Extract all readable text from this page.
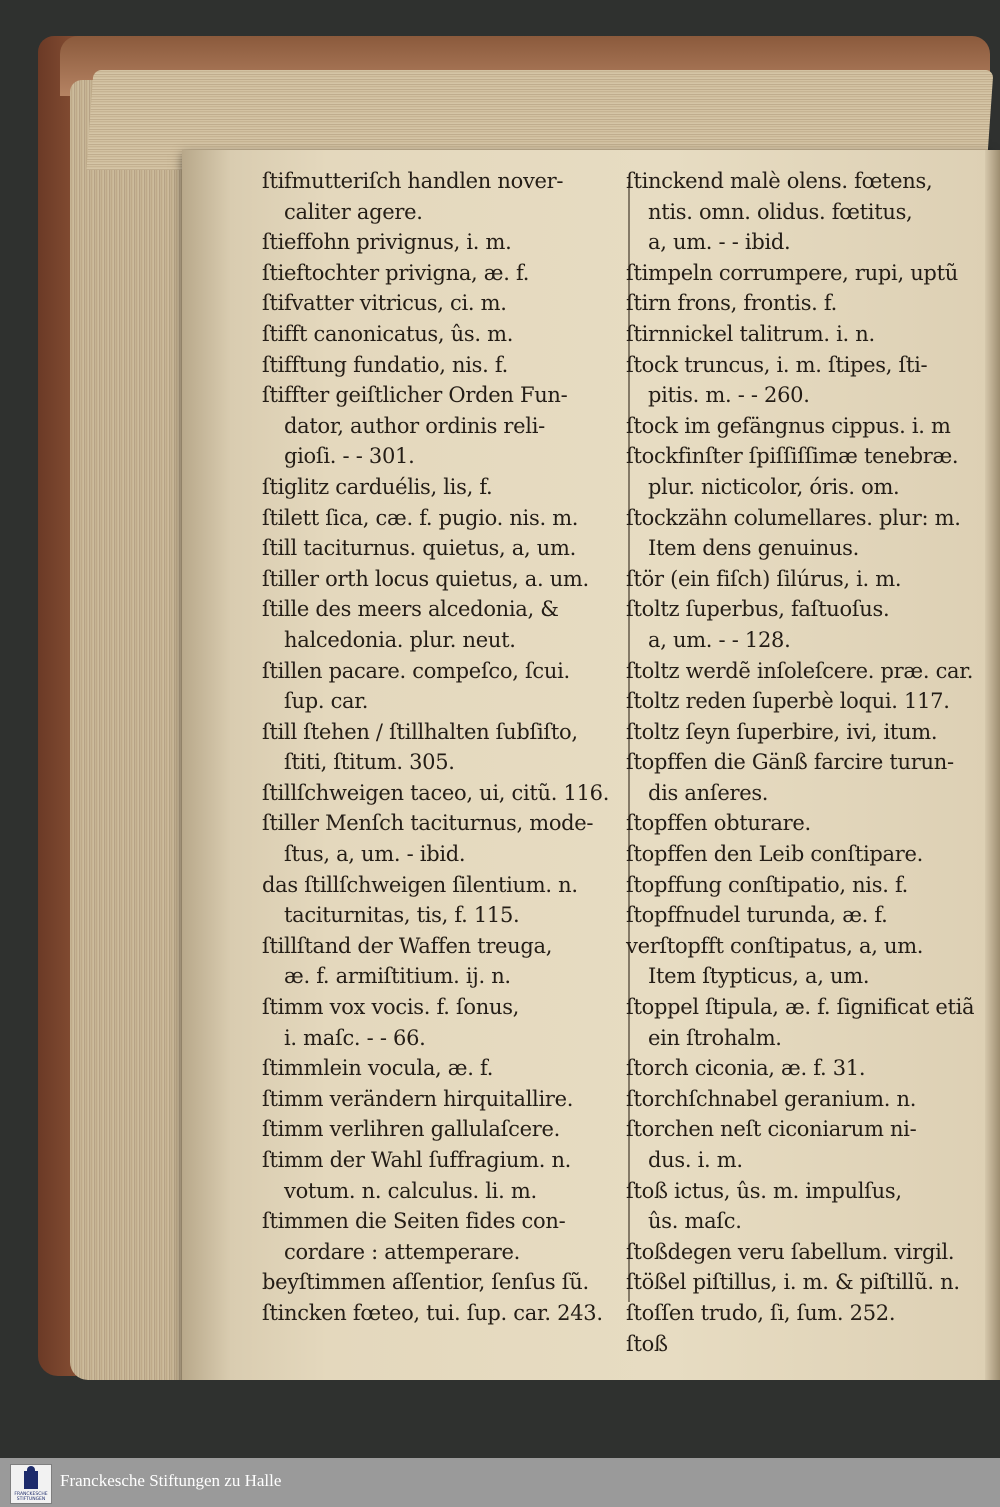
ſtifmutteriſch handlen nover-
caliter agere.
ſtieffohn privignus, i. m.
ſtieftochter privigna, æ. f.
ſtifvatter vitricus, ci. m.
ſtifft canonicatus, ûs. m.
ſtifftung fundatio, nis. f.
ſtiffter geiſtlicher Orden Fun-
dator, author ordinis reli-
gioſi. - - 301.
ſtiglitz carduélis, lis, f.
ſtilett ſica, cæ. f. pugio. nis. m.
ſtill taciturnus. quietus, a, um.
ſtiller orth locus quietus, a. um.
ſtille des meers alcedonia, &
halcedonia. plur. neut.
ſtillen pacare. compeſco, ſcui.
ſup. car.
ſtill ſtehen / ſtillhalten ſubſiſto,
ſtiti, ſtitum. 305.
ſtillſchweigen taceo, ui, citũ. 116.
ſtiller Menſch taciturnus, mode-
ſtus, a, um. - ibid.
das ſtillſchweigen ſilentium. n.
taciturnitas, tis, f. 115.
ſtillſtand der Waffen treuga,
æ. f. armiſtitium. ij. n.
ſtimm vox vocis. f. ſonus,
i. maſc. - - 66.
ſtimmlein vocula, æ. f.
ſtimm verändern hirquitallire.
ſtimm verlihren gallulaſcere.
ſtimm der Wahl ſuffragium. n.
votum. n. calculus. li. m.
ſtimmen die Seiten fides con-
cordare : attemperare.
beyſtimmen aſſentior, ſenſus ſũ.
ſtincken fœteo, tui. ſup. car. 243.
ſtinckend malè olens. fœtens,
ntis. omn. olidus. fœtitus,
a, um. - - ibid.
ſtimpeln corrumpere, rupi, uptũ
ſtirn frons, frontis. f.
ſtirnnickel talitrum. i. n.
ſtock truncus, i. m. ſtipes, ſti-
pitis. m. - - 260.
ſtock im gefängnus cippus. i. m
ſtockfinſter ſpiſſiſſimæ tenebræ.
plur. nicticolor, óris. om.
ſtockzähn columellares. plur: m.
Item dens genuinus.
ſtör (ein fiſch) ſilúrus, i. m.
ſtoltz ſuperbus, faſtuoſus.
a, um. - - 128.
ſtoltz werdẽ inſoleſcere. præ. car.
ſtoltz reden ſuperbè loqui. 117.
ſtoltz ſeyn ſuperbire, ivi, itum.
ſtopffen die Gänß farcire turun-
dis anſeres.
ſtopffen obturare.
ſtopffen den Leib conſtipare.
ſtopffung conſtipatio, nis. f.
ſtopffnudel turunda, æ. f.
verſtopfft conſtipatus, a, um.
Item ſtypticus, a, um.
ſtoppel ſtipula, æ. f. ſignificat etiã
ein ſtrohalm.
ſtorch ciconia, æ. f. 31.
ſtorchſchnabel geranium. n.
ſtorchen neſt ciconiarum ni-
dus. i. m.
ſtoß ictus, ûs. m. impulſus,
ûs. maſc.
ſtoßdegen veru ſabellum. virgil.
ſtößel piſtillus, i. m. & piſtillũ. n.
ſtoſſen trudo, ſi, ſum. 252.
ſtoß
FRANCKESCHE STIFTUNGEN
Franckesche Stiftungen zu Halle
